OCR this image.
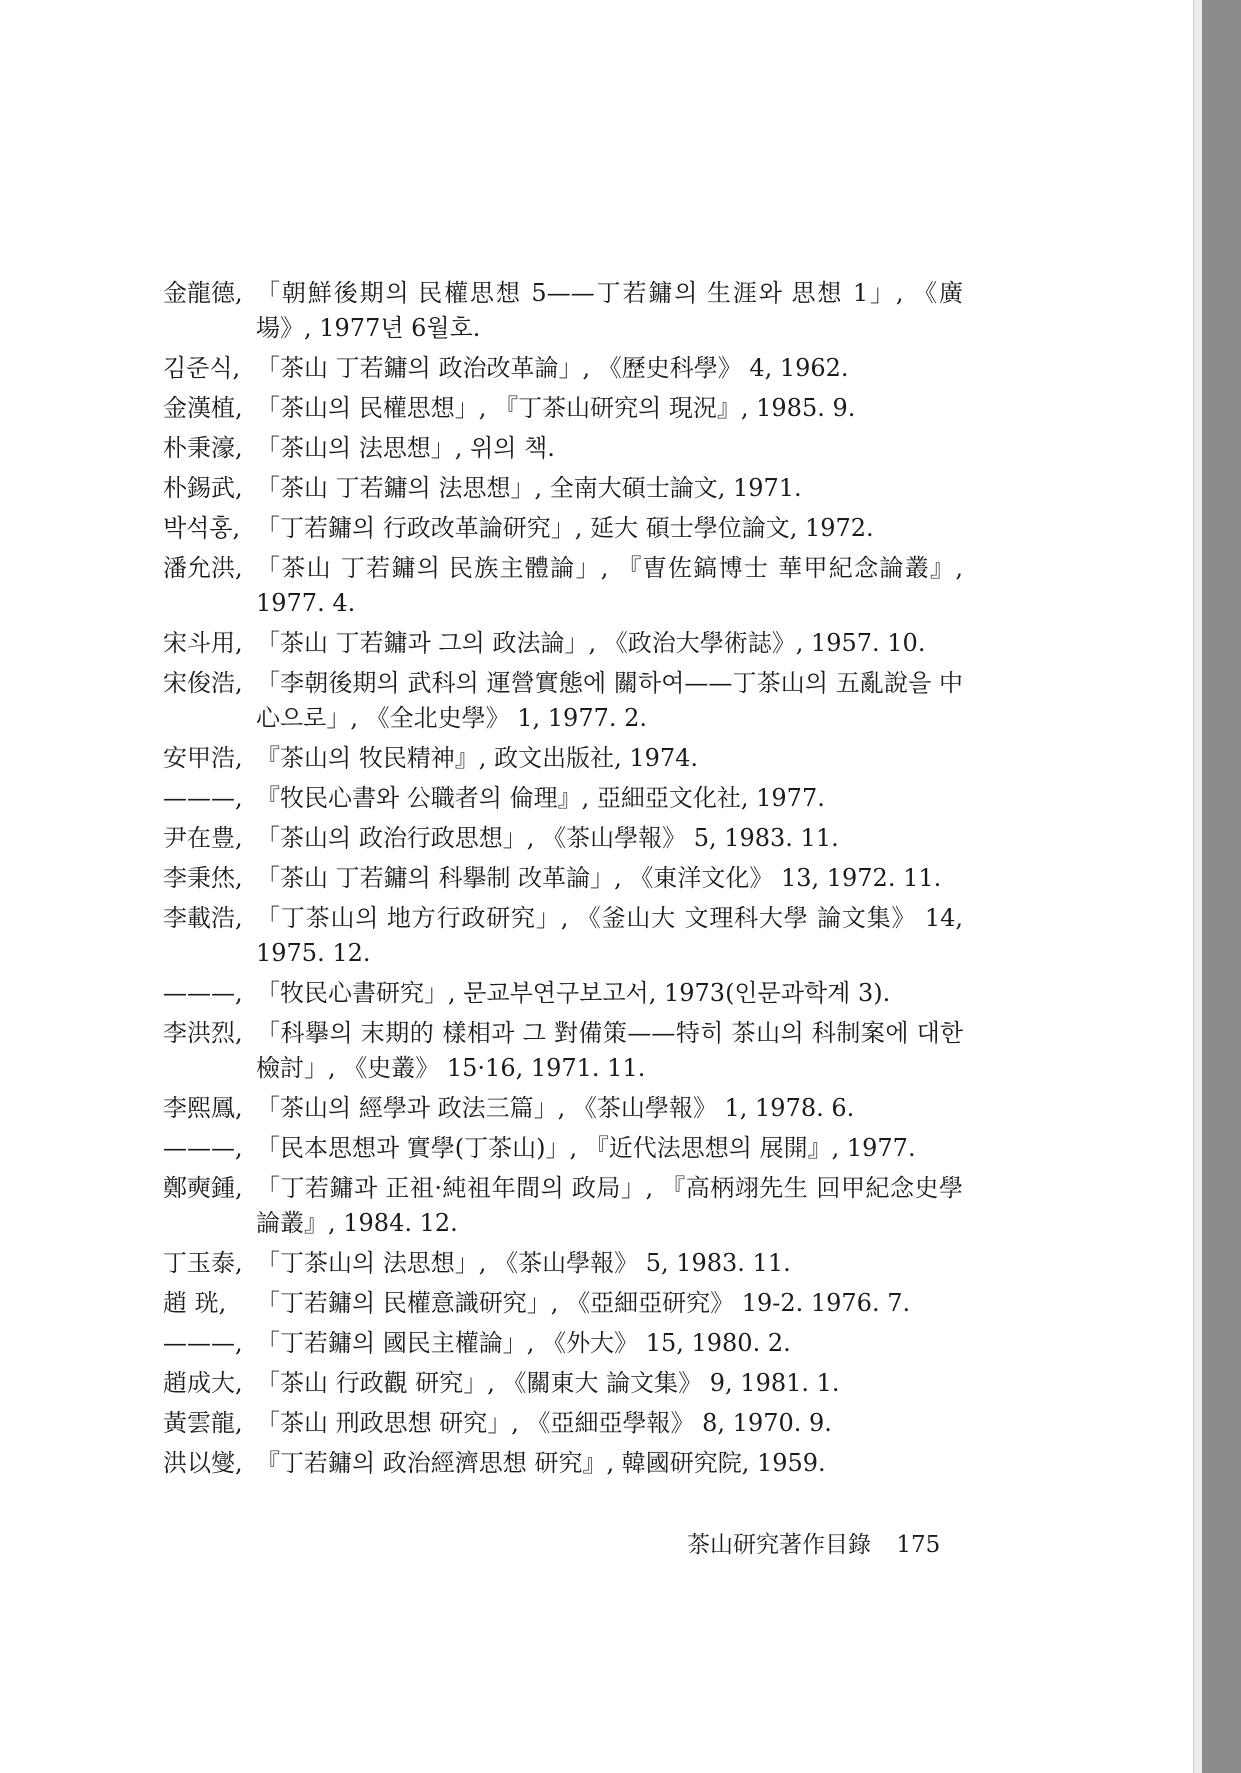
金龍德, 「朝鮮後期의 民權思想 5——丁若鏞의 生涯와 思想 1」, 《廣場》, 1977년 6월호.
김준식, 「茶山 丁若鏞의 政治改革論」, 《歷史科學》 4, 1962.
金漢植, 「茶山의 民權思想」, 『丁茶山研究의 現況』, 1985. 9.
朴秉濠, 「茶山의 法思想」, 위의 책.
朴錫武, 「茶山 丁若鏞의 法思想」, 全南大碩士論文, 1971.
박석홍, 「丁若鏞의 行政改革論研究」, 延大 碩士學位論文, 1972.
潘允洪, 「茶山 丁若鏞의 民族主體論」, 『曺佐鎬博士 華甲紀念論叢』, 1977. 4.
宋斗用, 「茶山 丁若鏞과 그의 政法論」, 《政治大學術誌》, 1957. 10.
宋俊浩, 「李朝後期의 武科의 運營實態에 關하여——丁茶山의 五亂說을 中心으로」, 《全北史學》 1, 1977. 2.
安甲浩, 『茶山의 牧民精神』, 政文出版社, 1974.
———, 『牧民心書와 公職者의 倫理』, 亞細亞文化社, 1977.
尹在豊, 「茶山의 政治行政思想」, 《茶山學報》 5, 1983. 11.
李秉烋, 「茶山 丁若鏞의 科擧制 改革論」, 《東洋文化》 13, 1972. 11.
李載浩, 「丁茶山의 地方行政研究」, 《釜山大 文理科大學 論文集》 14, 1975. 12.
———, 「牧民心書研究」, 문교부연구보고서, 1973(인문과학계 3).
李洪烈, 「科擧의 末期的 樣相과 그 對備策——特히 茶山의 科制案에 대한 檢討」, 《史叢》 15·16, 1971. 11.
李熙鳳, 「茶山의 經學과 政法三篇」, 《茶山學報》 1, 1978. 6.
———, 「民本思想과 實學(丁茶山)」, 『近代法思想의 展開』, 1977.
鄭奭鍾, 「丁若鏞과 正祖·純祖年間의 政局」, 『高柄翊先生 回甲紀念史學論叢』, 1984. 12.
丁玉泰, 「丁茶山의 法思想」, 《茶山學報》 5, 1983. 11.
趙 珖,	「丁若鏞의 民權意識研究」, 《亞細亞研究》 19-2. 1976. 7.
———, 「丁若鏞의 國民主權論」, 《外大》 15, 1980. 2.
趙成大, 「茶山 行政觀 研究」, 《關東大 論文集》 9, 1981. 1.
黃雲龍, 「茶山 刑政思想 研究」, 《亞細亞學報》 8, 1970. 9.
洪以燮, 『丁若鏞의 政治經濟思想 研究』, 韓國研究院, 1959.
茶山研究著作目錄 175
